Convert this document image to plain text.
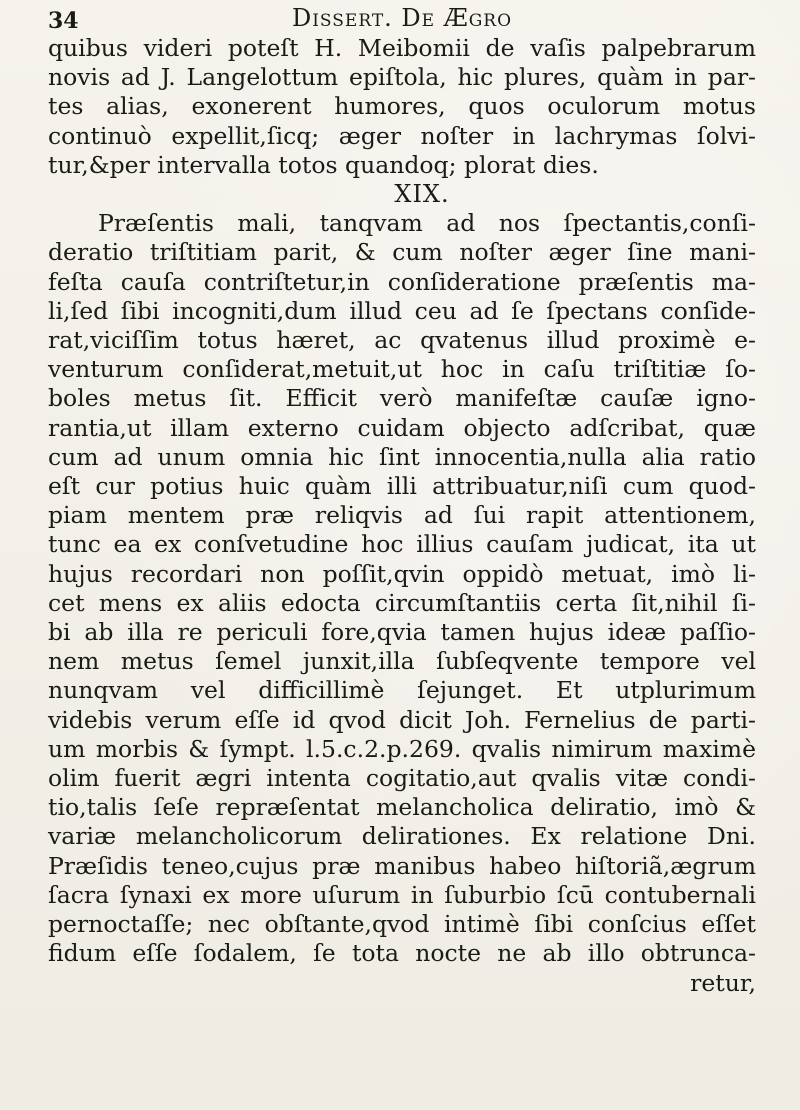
34	Dissert. De Ægro
quibus videri poteſt H. Meibomii de vaſis palpebrarum
novis ad J. Langelottum epiſtola, hic plures, quàm in par-
tes alias, exonerent humores, quos oculorum motus
continuò expellit,ſicq; æger noſter in lachrymas ſolvi-
tur,&per intervalla totos quandoq; plorat dies.
XIX.
Præſentis mali, tanqvam ad nos ſpectantis,conſi-
deratio triſtitiam parit, & cum noſter æger ſine mani-
feſta cauſa contriſtetur,in conſideratione præſentis ma-
li,ſed ſibi incogniti,dum illud ceu ad ſe ſpectans conſide-
rat,viciſſim totus hæret, ac qvatenus illud proximè e-
venturum conſiderat,metuit,ut hoc in caſu triſtitiæ ſo-
boles metus ſit. Efficit verò manifeſtæ cauſæ igno-
rantia,ut illam externo cuidam objecto adſcribat, quæ
cum ad unum omnia hic ſint innocentia,nulla alia ratio
eſt cur potius huic quàm illi attribuatur,niſi cum quod-
piam mentem præ reliqvis ad ſui rapit attentionem,
tunc ea ex conſvetudine hoc illius cauſam judicat, ita ut
hujus recordari non poſſit,qvin oppidò metuat, imò li-
cet mens ex aliis edocta circumſtantiis certa ſit,nihil ſi-
bi ab illa re periculi fore,qvia tamen hujus ideæ paſſio-
nem metus ſemel junxit,illa ſubſeqvente tempore vel
nunqvam vel difficillimè ſejunget. Et utplurimum
videbis verum eſſe id qvod dicit Joh. Fernelius de parti-
um morbis & ſympt. l.5.c.2.p.269. qvalis nimirum maximè
olim fuerit ægri intenta cogitatio,aut qvalis vitæ condi-
tio,talis ſeſe repræſentat melancholica deliratio, imò &
variæ melancholicorum delirationes. Ex relatione Dni.
Præſidis teneo,cujus præ manibus habeo hiſtoriã,ægrum
ſacra ſynaxi ex more uſurum in ſuburbio ſcū contubernali
pernoctaſſe; nec obſtante,qvod intimè ſibi conſcius eſſet
fidum eſſe ſodalem, ſe tota nocte ne ab illo obtrunca-
retur,
